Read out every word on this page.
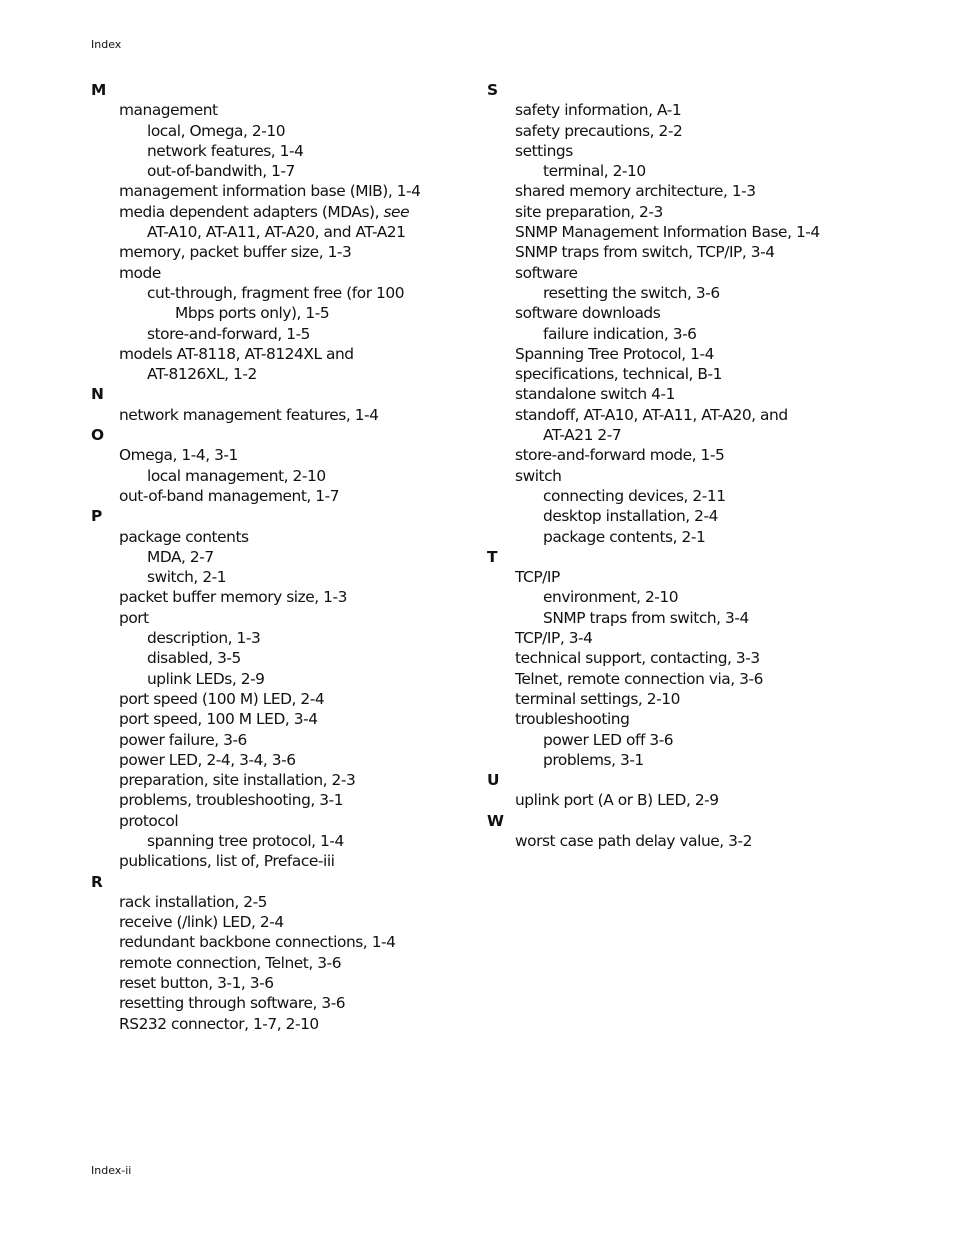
Index
M
management
local, Omega, 2-10
network features, 1-4
out-of-bandwith, 1-7
management information base (MIB), 1-4
media dependent adapters (MDAs), see
AT-A10, AT-A11, AT-A20, and AT-A21
memory, packet buffer size, 1-3
mode
cut-through, fragment free (for 100
Mbps ports only), 1-5
store-and-forward, 1-5
models AT-8118, AT-8124XL and
AT-8126XL, 1-2
N
network management features, 1-4
O
Omega, 1-4, 3-1
local management, 2-10
out-of-band management, 1-7
P
package contents
MDA, 2-7
switch, 2-1
packet buffer memory size, 1-3
port
description, 1-3
disabled, 3-5
uplink LEDs, 2-9
port speed (100 M) LED, 2-4
port speed, 100 M LED, 3-4
power failure, 3-6
power LED, 2-4, 3-4, 3-6
preparation, site installation, 2-3
problems, troubleshooting, 3-1
protocol
spanning tree protocol, 1-4
publications, list of, Preface-iii
R
rack installation, 2-5
receive (/link) LED, 2-4
redundant backbone connections, 1-4
remote connection, Telnet, 3-6
reset button, 3-1, 3-6
resetting through software, 3-6
RS232 connector, 1-7, 2-10
S
safety information, A-1
safety precautions, 2-2
settings
terminal, 2-10
shared memory architecture, 1-3
site preparation, 2-3
SNMP Management Information Base, 1-4
SNMP traps from switch, TCP/IP, 3-4
software
resetting the switch, 3-6
software downloads
failure indication, 3-6
Spanning Tree Protocol, 1-4
specifications, technical, B-1
standalone switch 4-1
standoff, AT-A10, AT-A11, AT-A20, and
AT-A21 2-7
store-and-forward mode, 1-5
switch
connecting devices, 2-11
desktop installation, 2-4
package contents, 2-1
T
TCP/IP
environment, 2-10
SNMP traps from switch, 3-4
TCP/IP, 3-4
technical support, contacting, 3-3
Telnet, remote connection via, 3-6
terminal settings, 2-10
troubleshooting
power LED off 3-6
problems, 3-1
U
uplink port (A or B) LED, 2-9
W
worst case path delay value, 3-2
Index-ii
